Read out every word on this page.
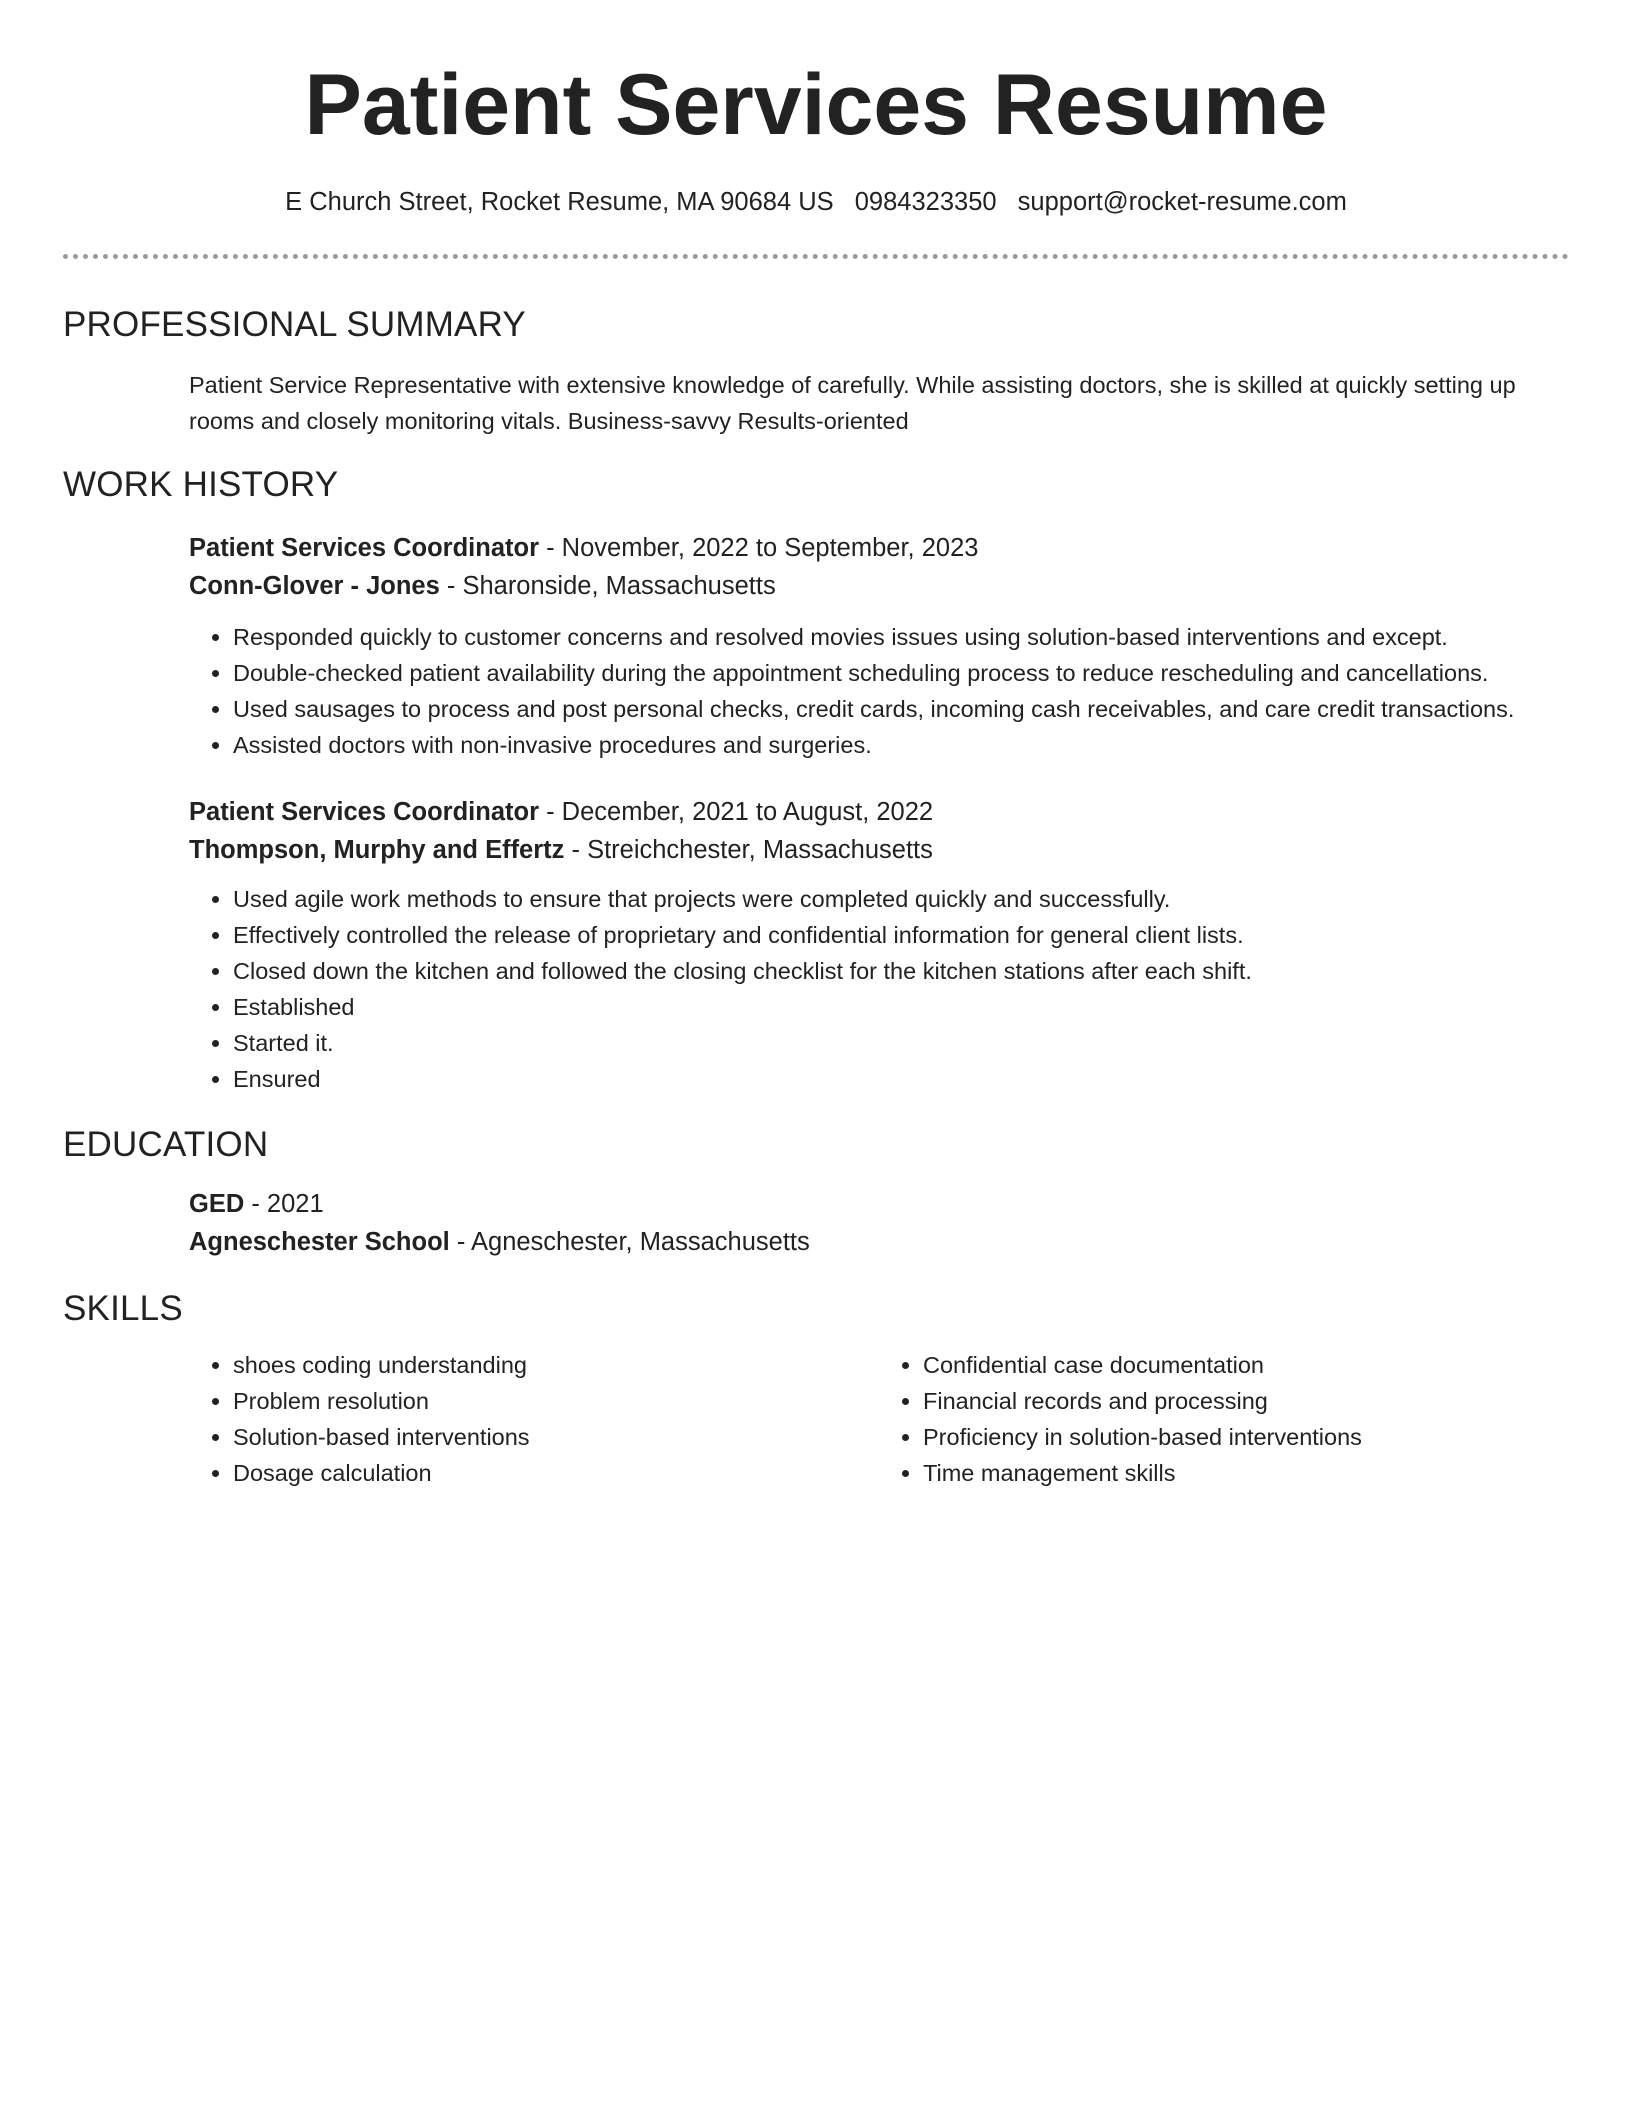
Patient Services Resume
E Church Street, Rocket Resume, MA 90684 US 0984323350 support@rocket-resume.com
PROFESSIONAL SUMMARY

Patient Service Representative with extensive knowledge of carefully. While assisting doctors, she is skilled at quickly setting up rooms and closely monitoring vitals. Business-savvy Results-oriented

WORK HISTORY

Patient Services Coordinator - November, 2022 to September, 2023

Conn-Glover - Jones - Sharonside, Massachusetts

• Responded quickly to customer concerns and resolved movies issues using solution-based interventions and except.
• Double-checked patient availability during the appointment scheduling process to reduce rescheduling and cancellations.
• Used sausages to process and post personal checks, credit cards, incoming cash receivables, and care credit transactions.
• Assisted doctors with non-invasive procedures and surgeries.

Patient Services Coordinator - December, 2021 to August, 2022

Thompson, Murphy and Effertz - Streichchester, Massachusetts

• Used agile work methods to ensure that projects were completed quickly and successfully.
• Effectively controlled the release of proprietary and confidential information for general client lists.
• Closed down the kitchen and followed the closing checklist for the kitchen stations after each shift.
• Established
• Started it.
• Ensured
EDUCATION

GED - 2021

Agneschester School - Agneschester, Massachusetts

SKILLS
• shoes coding understanding
• Problem resolution
• Solution-based interventions
• Dosage calculation
• Confidential case documentation
• Financial records and processing
• Proficiency in solution-based interventions
• Time management skills
